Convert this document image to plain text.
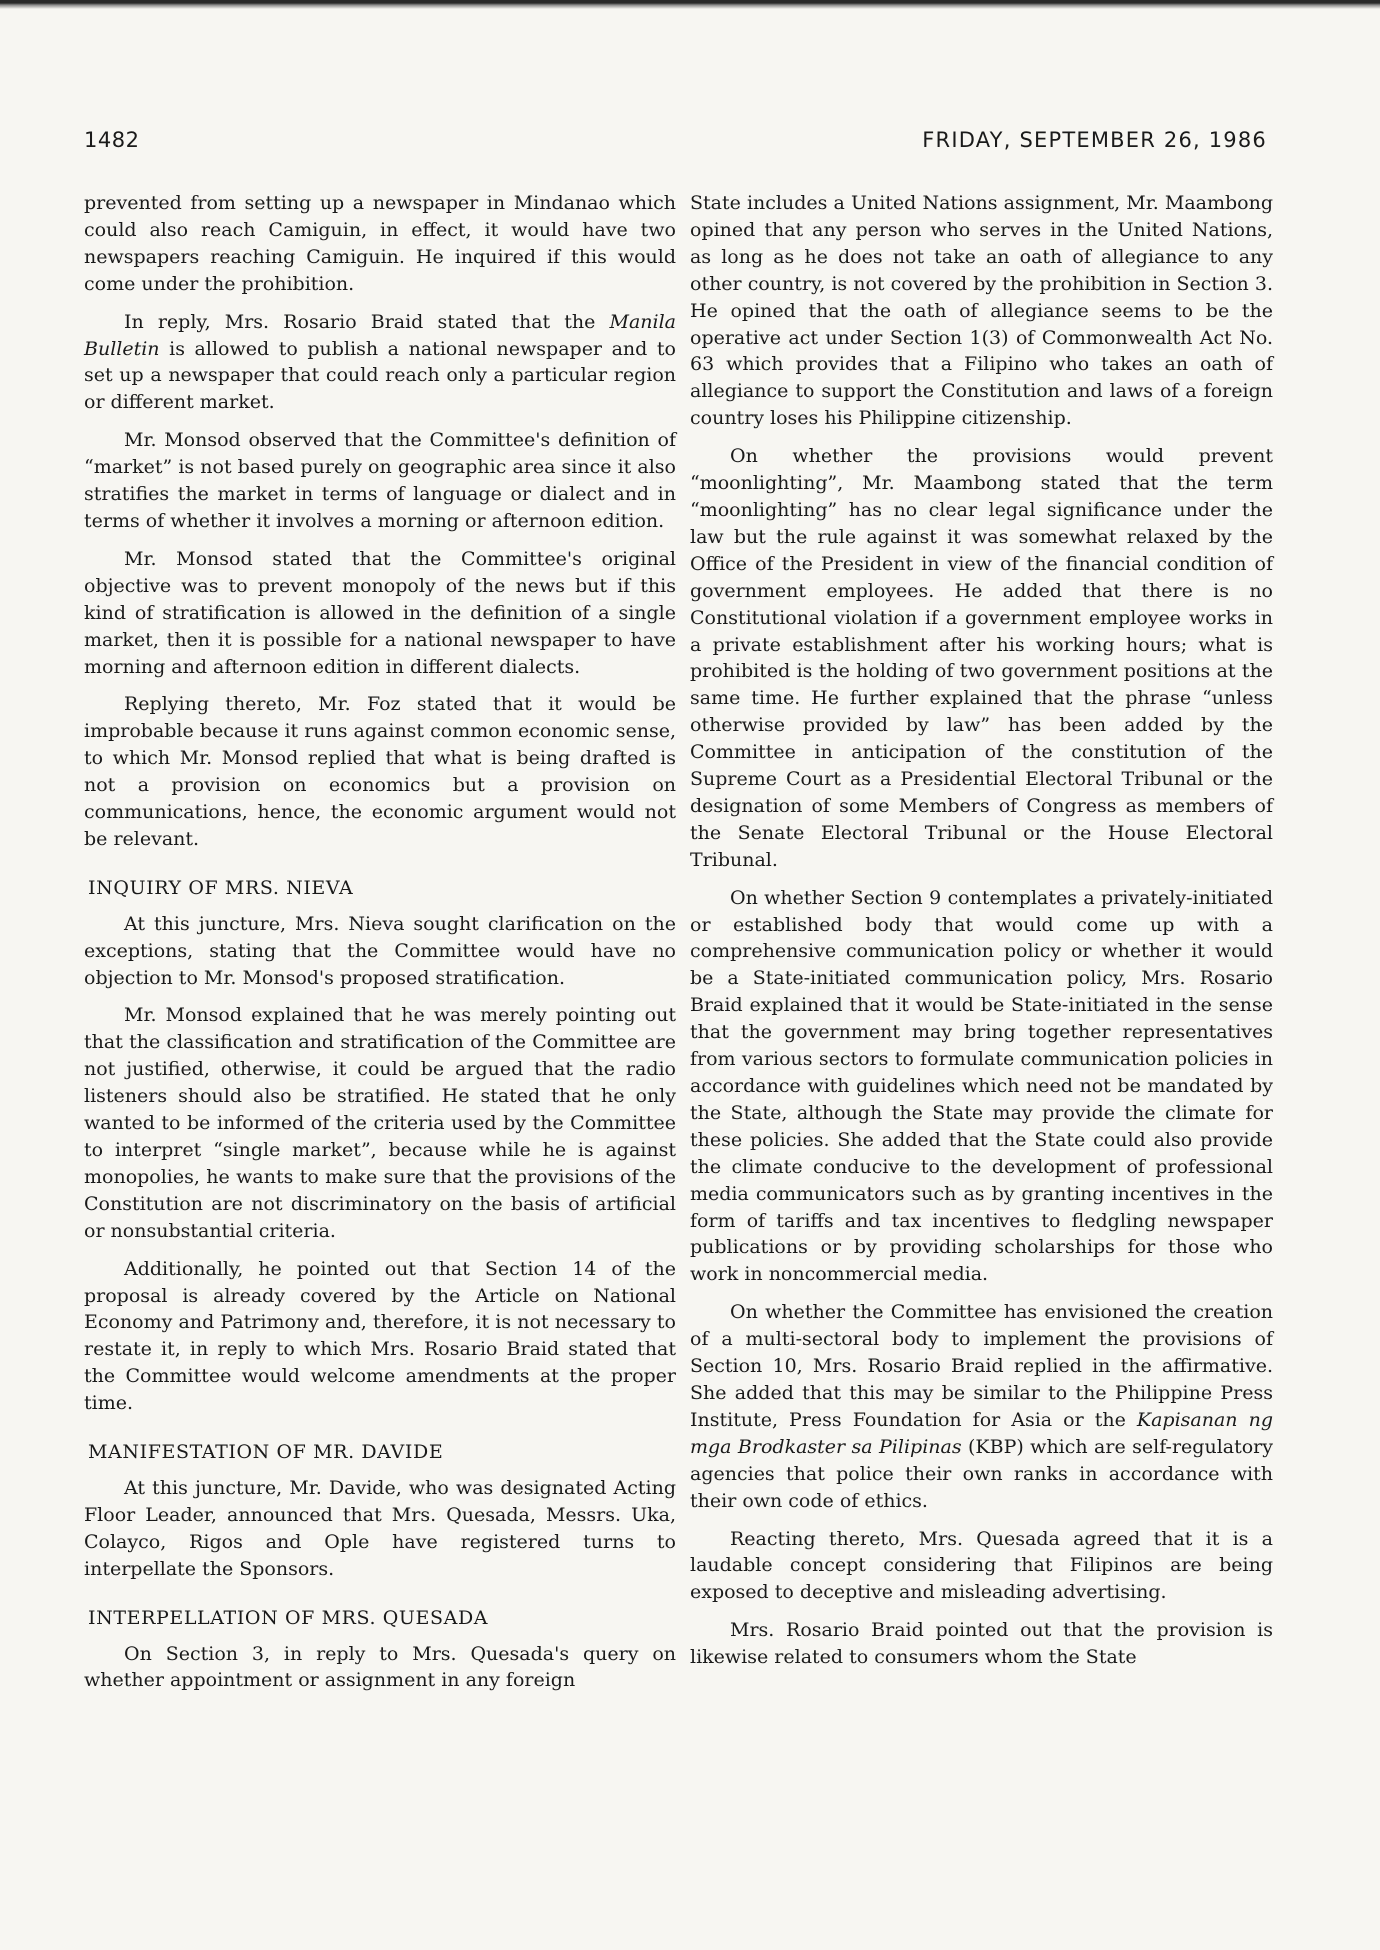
1482	FRIDAY, SEPTEMBER 26, 1986

prevented from setting up a newspaper in Mindanao which could also reach Camiguin, in effect, it would have two newspapers reaching Camiguin. He inquired if this would come under the prohibition.

In reply, Mrs. Rosario Braid stated that the Manila Bulletin is allowed to publish a national newspaper and to set up a newspaper that could reach only a particular region or different market.

Mr. Monsod observed that the Committee's definition of “market” is not based purely on geographic area since it also stratifies the market in terms of language or dialect and in terms of whether it involves a morning or afternoon edition.

Mr. Monsod stated that the Committee's original objective was to prevent monopoly of the news but if this kind of stratification is allowed in the definition of a single market, then it is possible for a national newspaper to have morning and afternoon edition in different dialects.

Replying thereto, Mr. Foz stated that it would be improbable because it runs against common economic sense, to which Mr. Monsod replied that what is being drafted is not a provision on economics but a provision on communications, hence, the economic argument would not be relevant.

INQUIRY OF MRS. NIEVA

At this juncture, Mrs. Nieva sought clarification on the exceptions, stating that the Committee would have no objection to Mr. Monsod's proposed stratification.

Mr. Monsod explained that he was merely pointing out that the classification and stratification of the Committee are not justified, otherwise, it could be argued that the radio listeners should also be stratified. He stated that he only wanted to be informed of the criteria used by the Committee to interpret “single market”, because while he is against monopolies, he wants to make sure that the provisions of the Constitution are not discriminatory on the basis of artificial or nonsubstantial criteria.

Additionally, he pointed out that Section 14 of the proposal is already covered by the Article on National Economy and Patrimony and, therefore, it is not necessary to restate it, in reply to which Mrs. Rosario Braid stated that the Committee would welcome amendments at the proper time.

MANIFESTATION OF MR. DAVIDE

At this juncture, Mr. Davide, who was designated Acting Floor Leader, announced that Mrs. Quesada, Messrs. Uka, Colayco, Rigos and Ople have registered turns to interpellate the Sponsors.

INTERPELLATION OF MRS. QUESADA

On Section 3, in reply to Mrs. Quesada's query on whether appointment or assignment in any foreign

State includes a United Nations assignment, Mr. Maambong opined that any person who serves in the United Nations, as long as he does not take an oath of allegiance to any other country, is not covered by the prohibition in Section 3. He opined that the oath of allegiance seems to be the operative act under Section 1(3) of Commonwealth Act No. 63 which provides that a Filipino who takes an oath of allegiance to support the Constitution and laws of a foreign country loses his Philippine citizenship.

On whether the provisions would prevent “moonlighting”, Mr. Maambong stated that the term “moonlighting” has no clear legal significance under the law but the rule against it was somewhat relaxed by the Office of the President in view of the financial condition of government employees. He added that there is no Constitutional violation if a government employee works in a private establishment after his working hours; what is prohibited is the holding of two government positions at the same time. He further explained that the phrase “unless otherwise provided by law” has been added by the Committee in anticipation of the constitution of the Supreme Court as a Presidential Electoral Tribunal or the designation of some Members of Congress as members of the Senate Electoral Tribunal or the House Electoral Tribunal.

On whether Section 9 contemplates a privately-initiated or established body that would come up with a comprehensive communication policy or whether it would be a State-initiated communication policy, Mrs. Rosario Braid explained that it would be State-initiated in the sense that the government may bring together representatives from various sectors to formulate communication policies in accordance with guidelines which need not be mandated by the State, although the State may provide the climate for these policies. She added that the State could also provide the climate conducive to the development of professional media communicators such as by granting incentives in the form of tariffs and tax incentives to fledgling newspaper publications or by providing scholarships for those who work in noncommercial media.

On whether the Committee has envisioned the creation of a multi-sectoral body to implement the provisions of Section 10, Mrs. Rosario Braid replied in the affirmative. She added that this may be similar to the Philippine Press Institute, Press Foundation for Asia or the Kapisanan ng mga Brodkaster sa Pilipinas (KBP) which are self-regulatory agencies that police their own ranks in accordance with their own code of ethics.

Reacting thereto, Mrs. Quesada agreed that it is a laudable concept considering that Filipinos are being exposed to deceptive and misleading advertising.

Mrs. Rosario Braid pointed out that the provision is likewise related to consumers whom the State
